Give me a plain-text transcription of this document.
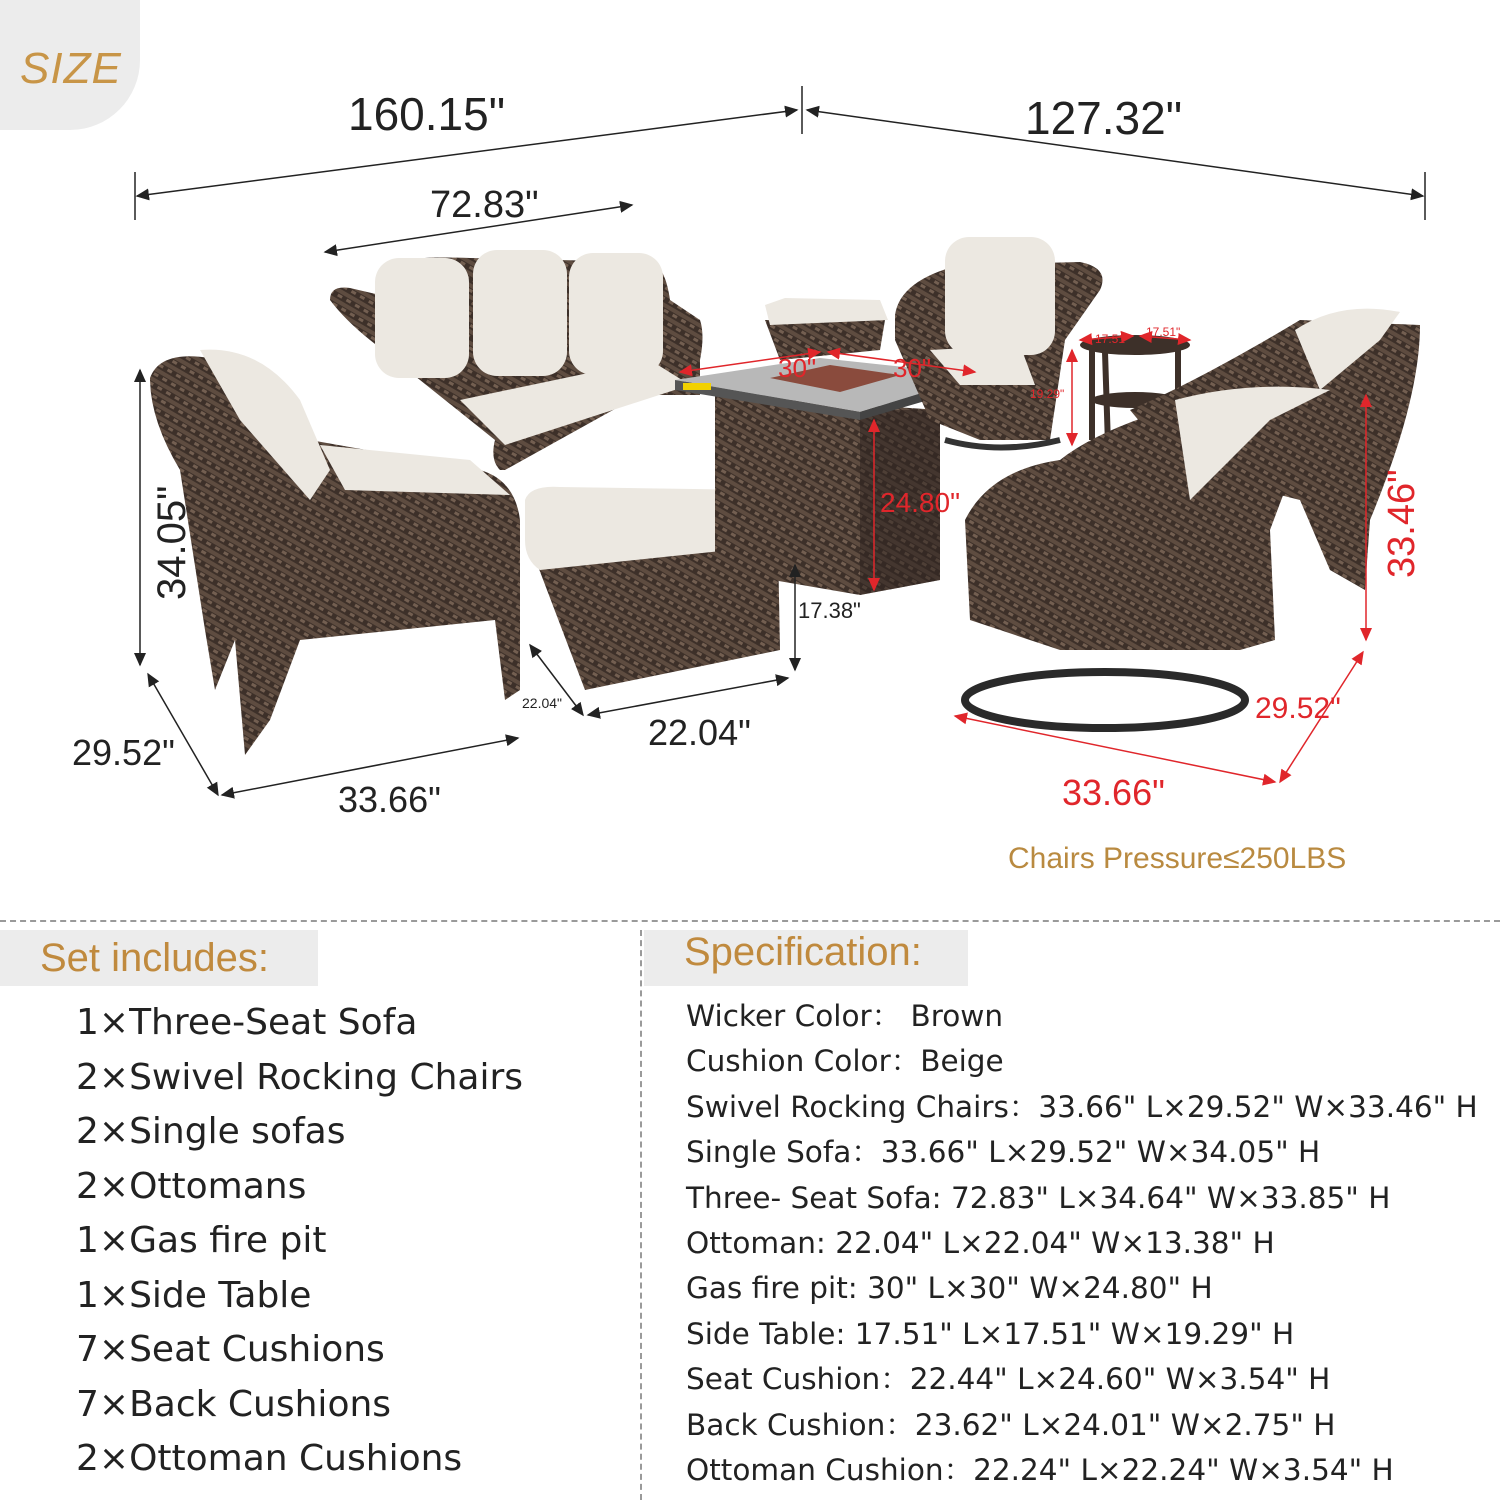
SIZE
160.15"	127.32"
72.83"
34.05"
29.52"
33.66"
22.04"
22.04"
17.38"
30"	30"
24.80"
17.51" 17.51"
19.29"
33.46"
29.52"
33.66"
Chairs Pressure≤250LBS
Set includes:	Specification:
1×Three-Seat Sofa
2×Swivel Rocking Chairs
2×Single sofas
2×Ottomans
1×Gas fire pit
1×Side Table
7×Seat Cushions
7×Back Cushions
2×Ottoman Cushions
Wicker Color： Brown
Cushion Color：Beige
Swivel Rocking Chairs：33.66" L×29.52" W×33.46" H
Single Sofa：33.66" L×29.52" W×34.05" H
Three- Seat Sofa: 72.83" L×34.64" W×33.85" H
Ottoman: 22.04" L×22.04" W×13.38" H
Gas fire pit: 30" L×30" W×24.80" H
Side Table: 17.51" L×17.51" W×19.29" H
Seat Cushion：22.44" L×24.60" W×3.54" H
Back Cushion：23.62" L×24.01" W×2.75" H
Ottoman Cushion：22.24" L×22.24" W×3.54" H
